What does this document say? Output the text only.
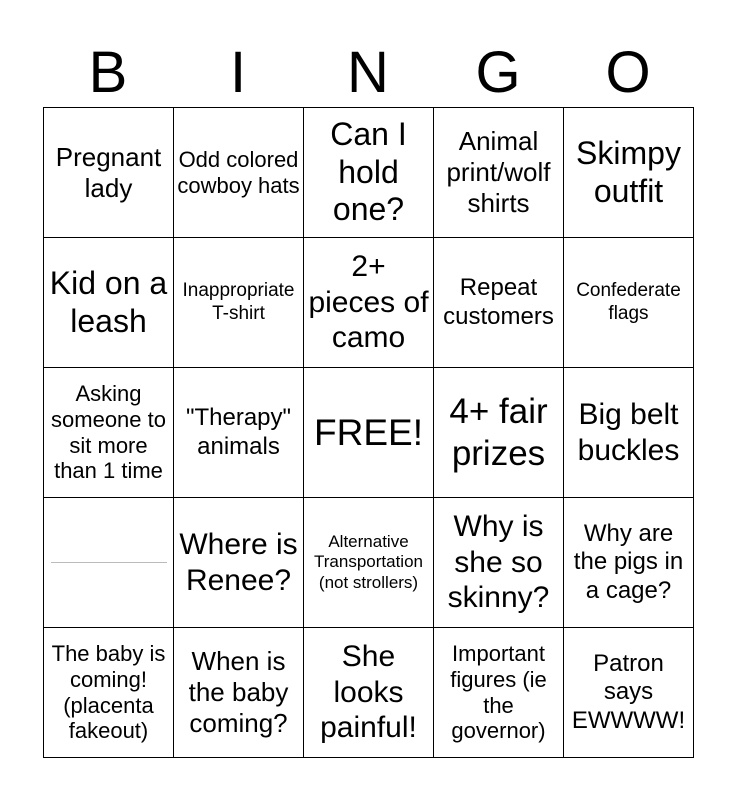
B	I	N	G	O
Pregnant lady	Odd colored cowboy hats	Can I hold one?	Animal print/wolf shirts	Skimpy outfit
Kid on a leash	Inappropriate T-shirt	2+ pieces of camo	Repeat customers	Confederate flags
Asking someone to sit more than 1 time	"Therapy" animals	FREE!	4+ fair prizes	Big belt buckles

	Where is Renee?	Alternative Transportation (not strollers)	Why is she so skinny?	Why are the pigs in a cage?
The baby is coming! (placenta fakeout)	When is the baby coming?	She looks painful!	Important figures (ie the governor)	Patron says EWWWW!
